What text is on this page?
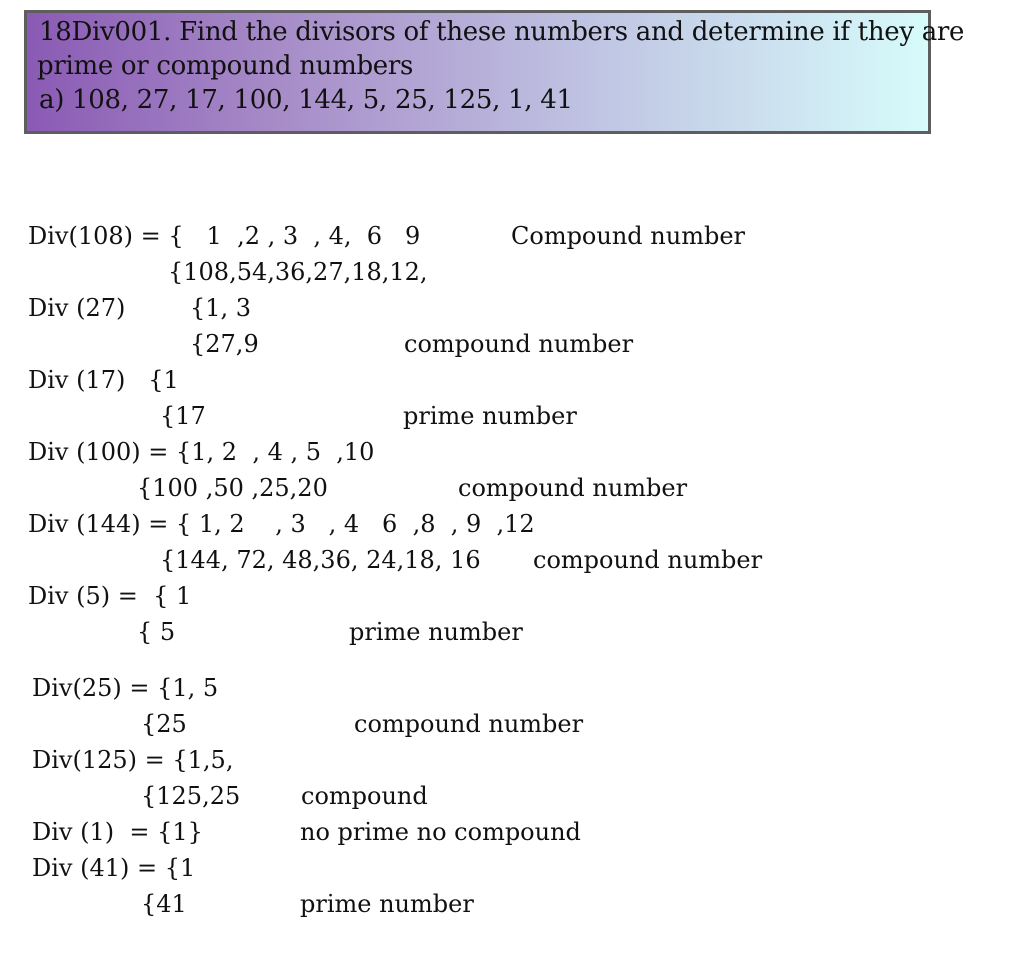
18Div001. Find the divisors of these numbers and determine if they are
prime or compound numbers
a) 108, 27, 17, 100, 144, 5, 25, 125, 1, 41
Div(108) = {   1  ,2 , 3  , 4,  6   9	Compound number
{108,54,36,27,18,12,
Div (27)	{1, 3
{27,9	compound number
Div (17)   {1
{17	prime number
Div (100) = {1, 2  , 4 , 5  ,10
{100 ,50 ,25,20	compound number
Div (144) = { 1, 2    , 3   , 4   6  ,8  , 9  ,12
{144, 72, 48,36, 24,18, 16 compound number
Div (5) =  { 1
{ 5	prime number
Div(25) = {1, 5
{25	compound number
Div(125) = {1,5,
{125,25	compound
Div (1)  = {1}	no prime no compound
Div (41) = {1
{41	prime number
